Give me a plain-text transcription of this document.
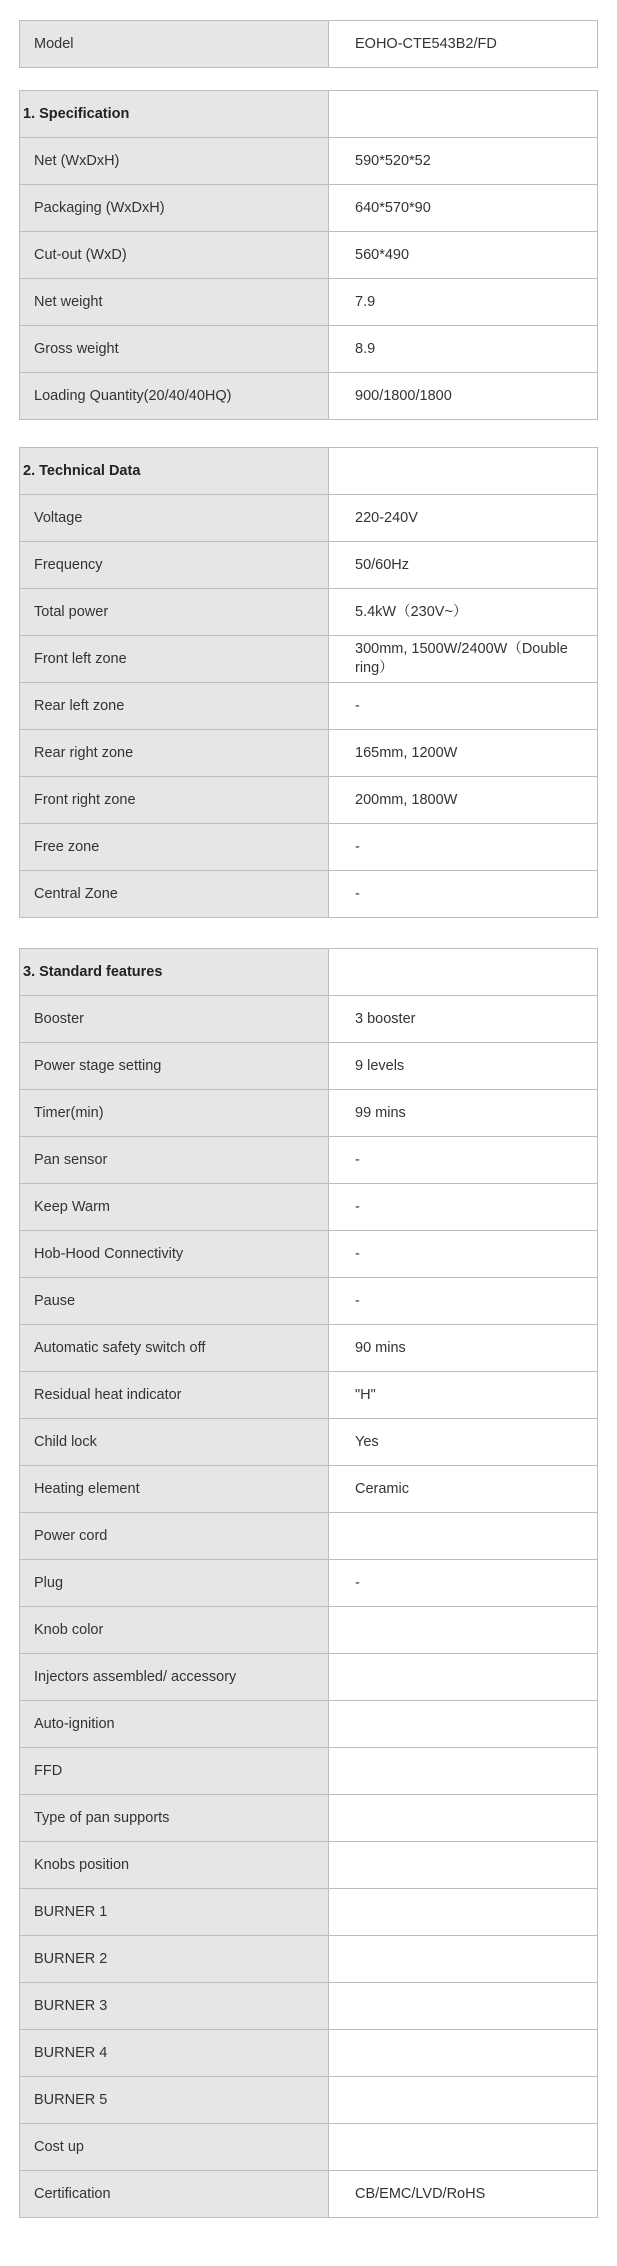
Model	EOHO-CTE543B2/FD
1. Specification	
Net (WxDxH)	590*520*52
Packaging (WxDxH)	640*570*90
Cut-out (WxD)	560*490
Net weight	7.9
Gross weight	8.9
Loading Quantity(20/40/40HQ)	900/1800/1800
2. Technical Data	
Voltage	220-240V
Frequency	50/60Hz
Total power	5.4kW（230V~）
Front left zone	300mm, 1500W/2400W（Double ring）
Rear left zone	-
Rear right zone	165mm, 1200W
Front right zone	200mm, 1800W
Free zone	-
Central Zone	-
3. Standard features	
Booster	3 booster
Power stage setting	9 levels
Timer(min)	99 mins
Pan sensor	-
Keep Warm	-
Hob-Hood Connectivity	-
Pause	-
Automatic safety switch off	90 mins
Residual heat indicator	"H"
Child lock	Yes
Heating element	Ceramic
Power cord	
Plug	-
Knob color	
Injectors assembled/ accessory	
Auto-ignition	
FFD	
Type of pan supports	
Knobs position	
BURNER 1	
BURNER 2	
BURNER 3	
BURNER 4	
BURNER 5	
Cost up	
Certification	CB/EMC/LVD/RoHS
